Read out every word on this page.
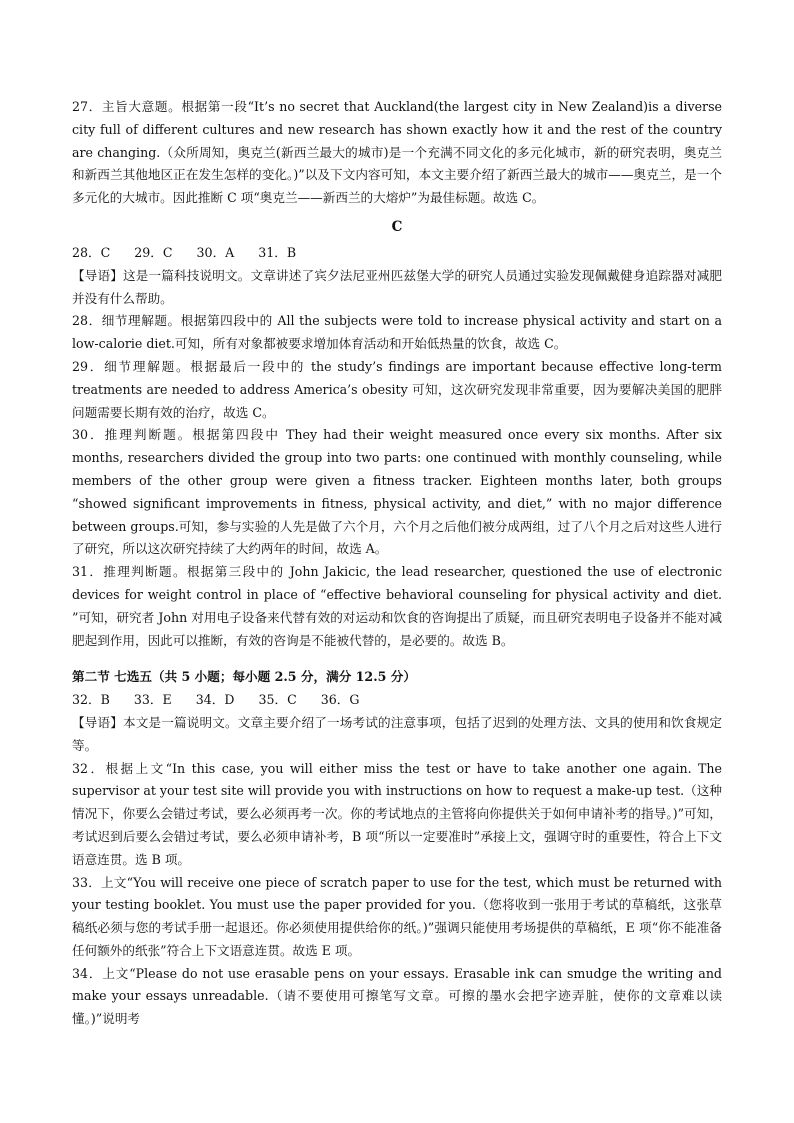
27．主旨大意题。根据第一段“It’s no secret that Auckland(the largest city in New Zealand)is a diverse city full of different cultures and new research has shown exactly how it and the rest of the country are changing.（众所周知，奥克兰(新西兰最大的城市)是一个充满不同文化的多元化城市，新的研究表明，奥克兰和新西兰其他地区正在发生怎样的变化。)”以及下文内容可知，本文主要介绍了新西兰最大的城市——奥克兰，是一个多元化的大城市。因此推断 C 项“奥克兰——新西兰的大熔炉”为最佳标题。故选 C。

C

28．C      29．C      30．A      31．B

【导语】这是一篇科技说明文。文章讲述了宾夕法尼亚州匹兹堡大学的研究人员通过实验发现佩戴健身追踪器对减肥并没有什么帮助。

28．细节理解题。根据第四段中的 All the subjects were told to increase physical activity and start on a low-calorie diet.可知，所有对象都被要求增加体育活动和开始低热量的饮食，故选 C。

29．细节理解题。根据最后一段中的 the study’s findings are important because effective long-term treatments are needed to address America’s obesity 可知，这次研究发现非常重要，因为要解决美国的肥胖问题需要长期有效的治疗，故选 C。

30．推理判断题。根据第四段中 They had their weight measured once every six months. After six months, researchers divided the group into two parts: one continued with monthly counseling, while members of the other group were given a fitness tracker. Eighteen months later, both groups “showed significant improvements in fitness, physical activity, and diet,” with no major difference between groups.可知，参与实验的人先是做了六个月，六个月之后他们被分成两组，过了八个月之后对这些人进行了研究，所以这次研究持续了大约两年的时间，故选 A。

31．推理判断题。根据第三段中的 John Jakicic, the lead researcher, questioned the use of electronic devices for weight control in place of “effective behavioral counseling for physical activity and diet. ”可知，研究者 John 对用电子设备来代替有效的对运动和饮食的咨询提出了质疑，而且研究表明电子设备并不能对减肥起到作用，因此可以推断，有效的咨询是不能被代替的，是必要的。故选 B。

第二节 七选五（共 5 小题；每小题 2.5 分，满分 12.5 分）

32．B      33．E      34．D      35．C      36．G

【导语】本文是一篇说明文。文章主要介绍了一场考试的注意事项，包括了迟到的处理方法、文具的使用和饮食规定等。

32．根据上文“In this case, you will either miss the test or have to take another one again. The supervisor at your test site will provide you with instructions on how to request a make-up test.（这种情况下，你要么会错过考试，要么必须再考一次。你的考试地点的主管将向你提供关于如何申请补考的指导。)”可知，考试迟到后要么会错过考试，要么必须申请补考，B 项“所以一定要准时”承接上文，强调守时的重要性，符合上下文语意连贯。选 B 项。

33．上文“You will receive one piece of scratch paper to use for the test, which must be returned with your testing booklet. You must use the paper provided for you.（您将收到一张用于考试的草稿纸，这张草稿纸必须与您的考试手册一起退还。你必须使用提供给你的纸。)”强调只能使用考场提供的草稿纸，E 项“你不能准备任何额外的纸张”符合上下文语意连贯。故选 E 项。

34．上文“Please do not use erasable pens on your essays. Erasable ink can smudge the writing and make your essays unreadable.（请不要使用可擦笔写文章。可擦的墨水会把字迹弄脏，使你的文章难以读懂。)”说明考
